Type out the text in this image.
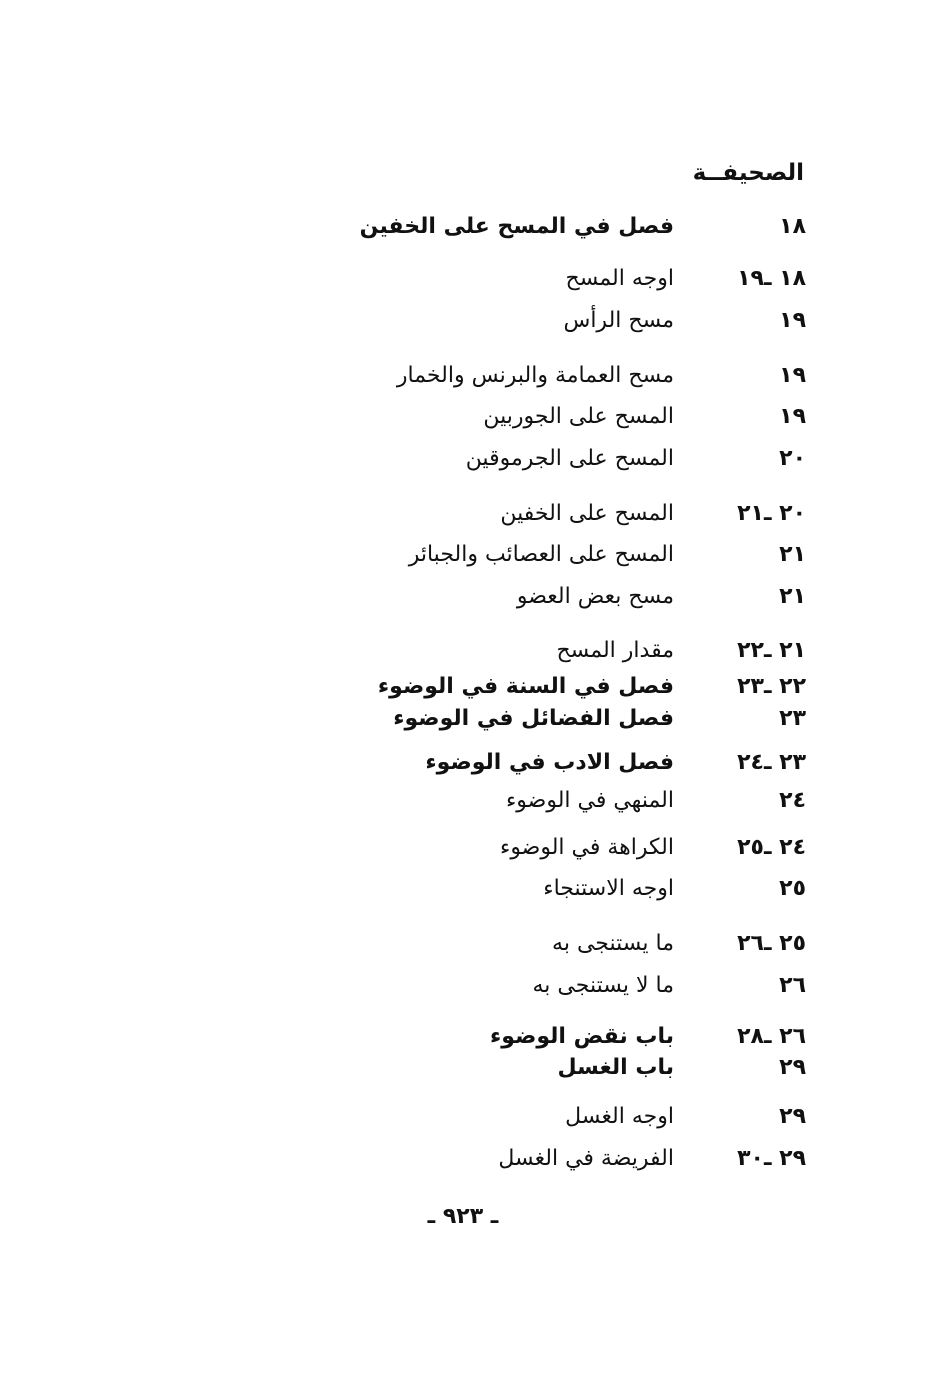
الصحيفــة
١٨
فصل في المسح على الخفين
١٨ ـ١٩
اوجه المسح
١٩
مسح الرأس
١٩
مسح العمامة والبرنس والخمار
١٩
المسح على الجوربين
٢٠
المسح على الجرموقين
٢٠ ـ٢١
المسح على الخفين
٢١
المسح على العصائب والجبائر
٢١
مسح بعض العضو
٢١ ـ٢٢
مقدار المسح
٢٢ ـ٢٣
فصل في السنة في الوضوء
٢٣
فصل الفضائل في الوضوء
٢٣ ـ٢٤
فصل الادب في الوضوء
٢٤
المنهي في الوضوء
٢٤ ـ٢٥
الكراهة في الوضوء
٢٥
اوجه الاستنجاء
٢٥ ـ٢٦
ما يستنجى به
٢٦
ما لا يستنجى به
٢٦ ـ٢٨
باب نقض الوضوء
٢٩
باب الغسل
٢٩
اوجه الغسل
٢٩ ـ٣٠
الفريضة في الغسل
ـ ٩٢٣ ـ
